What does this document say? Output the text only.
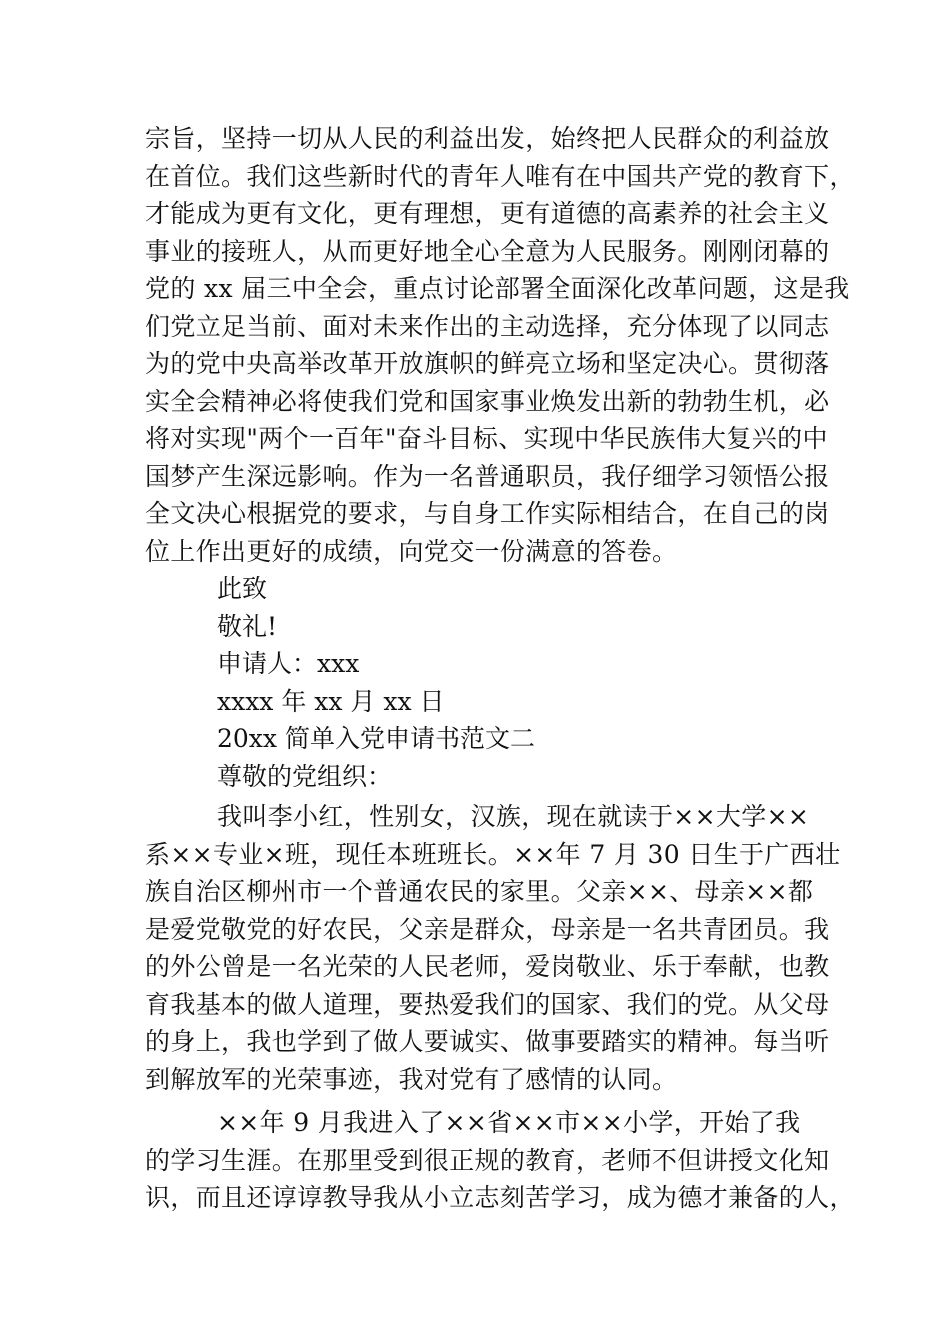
宗旨，坚持一切从人民的利益出发，始终把人民群众的利益放
在首位。我们这些新时代的青年人唯有在中国共产党的教育下，
才能成为更有文化，更有理想，更有道德的高素养的社会主义
事业的接班人，从而更好地全心全意为人民服务。刚刚闭幕的
党的 xx 届三中全会，重点讨论部署全面深化改革问题，这是我
们党立足当前、面对未来作出的主动选择，充分体现了以同志
为的党中央高举改革开放旗帜的鲜亮立场和坚定决心。贯彻落
实全会精神必将使我们党和国家事业焕发出新的勃勃生机，必
将对实现"两个一百年"奋斗目标、实现中华民族伟大复兴的中
国梦产生深远影响。作为一名普通职员，我仔细学习领悟公报
全文决心根据党的要求，与自身工作实际相结合，在自己的岗
位上作出更好的成绩，向党交一份满意的答卷。
此致
敬礼!
申请人：xxx
xxxx 年 xx 月 xx 日
20xx 简单入党申请书范文二
尊敬的党组织：
我叫李小红，性别女，汉族，现在就读于××大学××
系××专业×班，现任本班班长。××年 7 月 30 日生于广西壮
族自治区柳州市一个普通农民的家里。父亲××、母亲××都
是爱党敬党的好农民，父亲是群众，母亲是一名共青团员。我
的外公曾是一名光荣的人民老师，爱岗敬业、乐于奉献，也教
育我基本的做人道理，要热爱我们的国家、我们的党。从父母
的身上，我也学到了做人要诚实、做事要踏实的精神。每当听
到解放军的光荣事迹，我对党有了感情的认同。
××年 9 月我进入了××省××市××小学，开始了我
的学习生涯。在那里受到很正规的教育，老师不但讲授文化知
识，而且还谆谆教导我从小立志刻苦学习，成为德才兼备的人，
